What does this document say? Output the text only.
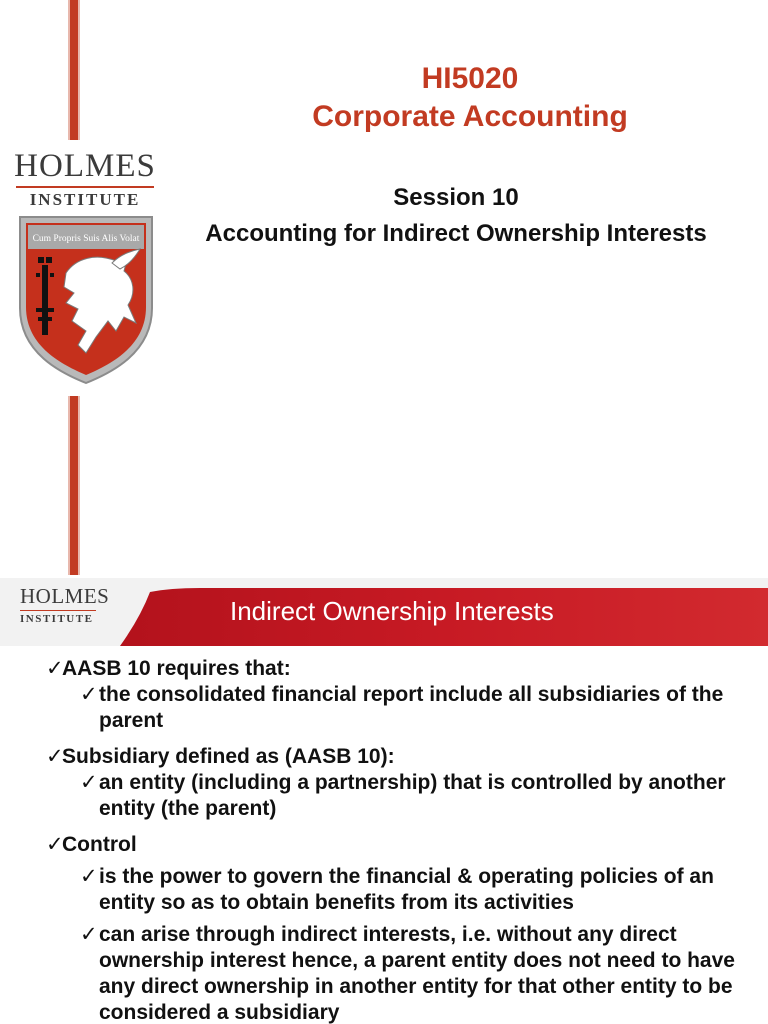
HOLMES
INSTITUTE
Cum Propris Suis Alis Volat
HI5020
Corporate Accounting
Session 10
Accounting for Indirect Ownership Interests
HOLMES
INSTITUTE	Indirect Ownership Interests
✓
AASB 10 requires that:
✓ the consolidated financial report include all subsidiaries of the parent
✓
Subsidiary defined as (AASB 10):
✓ an entity (including a partnership) that is controlled by another entity (the parent)
✓
Control
✓ is the power to govern the financial & operating policies of an entity so as to obtain benefits from its activities
✓ can arise through indirect interests, i.e. without any direct ownership interest hence, a parent entity does not need to have any direct ownership in another entity for that other entity to be considered a subsidiary
